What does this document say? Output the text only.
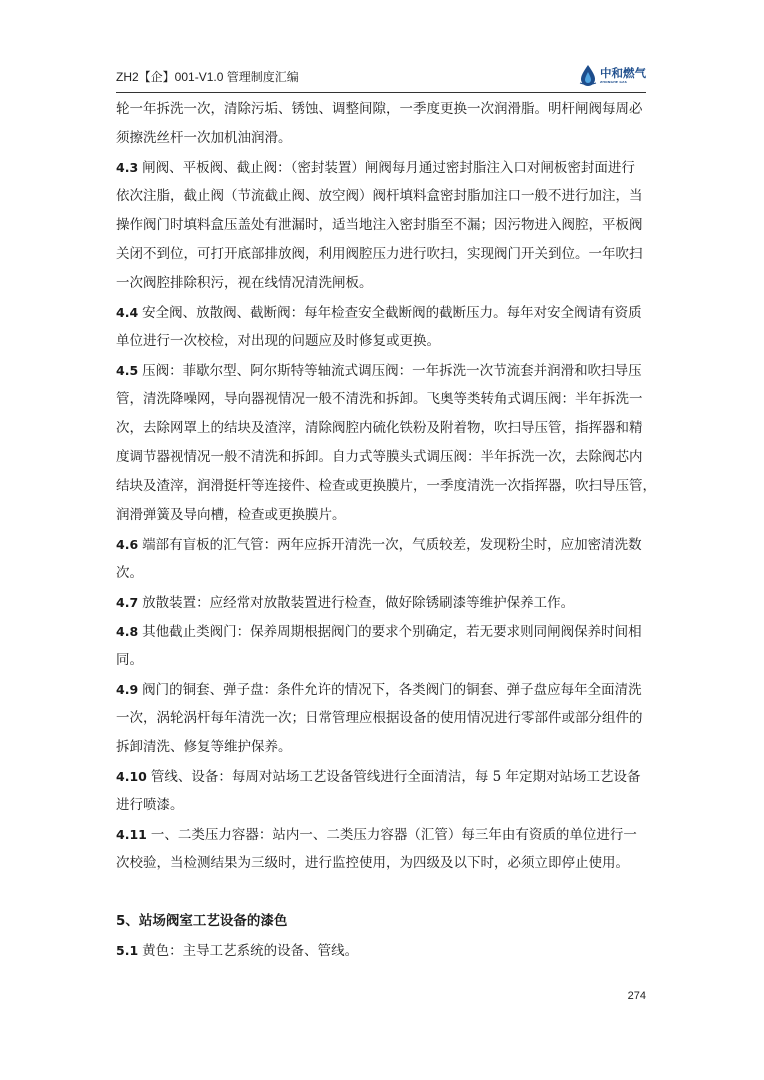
ZH2【企】001-V1.0 管理制度汇编	中和燃气
ZHONGHE GAS
轮一年拆洗一次，清除污垢、锈蚀、调整间隙，一季度更换一次润滑脂。明杆闸阀每周必
须擦洗丝杆一次加机油润滑。
4.3 闸阀、平板阀、截止阀：（密封装置）闸阀每月通过密封脂注入口对闸板密封面进行
依次注脂，截止阀（节流截止阀、放空阀）阀杆填料盒密封脂加注口一般不进行加注，当
操作阀门时填料盒压盖处有泄漏时，适当地注入密封脂至不漏；因污物进入阀腔，平板阀
关闭不到位，可打开底部排放阀，利用阀腔压力进行吹扫，实现阀门开关到位。一年吹扫
一次阀腔排除积污，视在线情况清洗闸板。
4.4 安全阀、放散阀、截断阀：每年检查安全截断阀的截断压力。每年对安全阀请有资质
单位进行一次校检，对出现的问题应及时修复或更换。
4.5 压阀：菲歇尔型、阿尔斯特等轴流式调压阀：一年拆洗一次节流套并润滑和吹扫导压
管，清洗降噪网，导向器视情况一般不清洗和拆卸。飞奥等类转角式调压阀：半年拆洗一
次，去除网罩上的结块及渣滓，清除阀腔内硫化铁粉及附着物，吹扫导压管，指挥器和精
度调节器视情况一般不清洗和拆卸。自力式等膜头式调压阀：半年拆洗一次，去除阀芯内
结块及渣滓，润滑挺杆等连接件、检查或更换膜片，一季度清洗一次指挥器，吹扫导压管，
润滑弹簧及导向槽，检查或更换膜片。
4.6 端部有盲板的汇气管：两年应拆开清洗一次，气质较差，发现粉尘时，应加密清洗数
次。
4.7 放散装置：应经常对放散装置进行检查，做好除锈刷漆等维护保养工作。
4.8 其他截止类阀门：保养周期根据阀门的要求个别确定，若无要求则同闸阀保养时间相
同。
4.9 阀门的铜套、弹子盘：条件允许的情况下，各类阀门的铜套、弹子盘应每年全面清洗
一次，涡轮涡杆每年清洗一次；日常管理应根据设备的使用情况进行零部件或部分组件的
拆卸清洗、修复等维护保养。
4.10 管线、设备：每周对站场工艺设备管线进行全面清洁，每 5 年定期对站场工艺设备
进行喷漆。
4.11 一、二类压力容器：站内一、二类压力容器（汇管）每三年由有资质的单位进行一
次校验，当检测结果为三级时，进行监控使用，为四级及以下时，必须立即停止使用。
5、站场阀室工艺设备的漆色
5.1 黄色：主导工艺系统的设备、管线。
274
